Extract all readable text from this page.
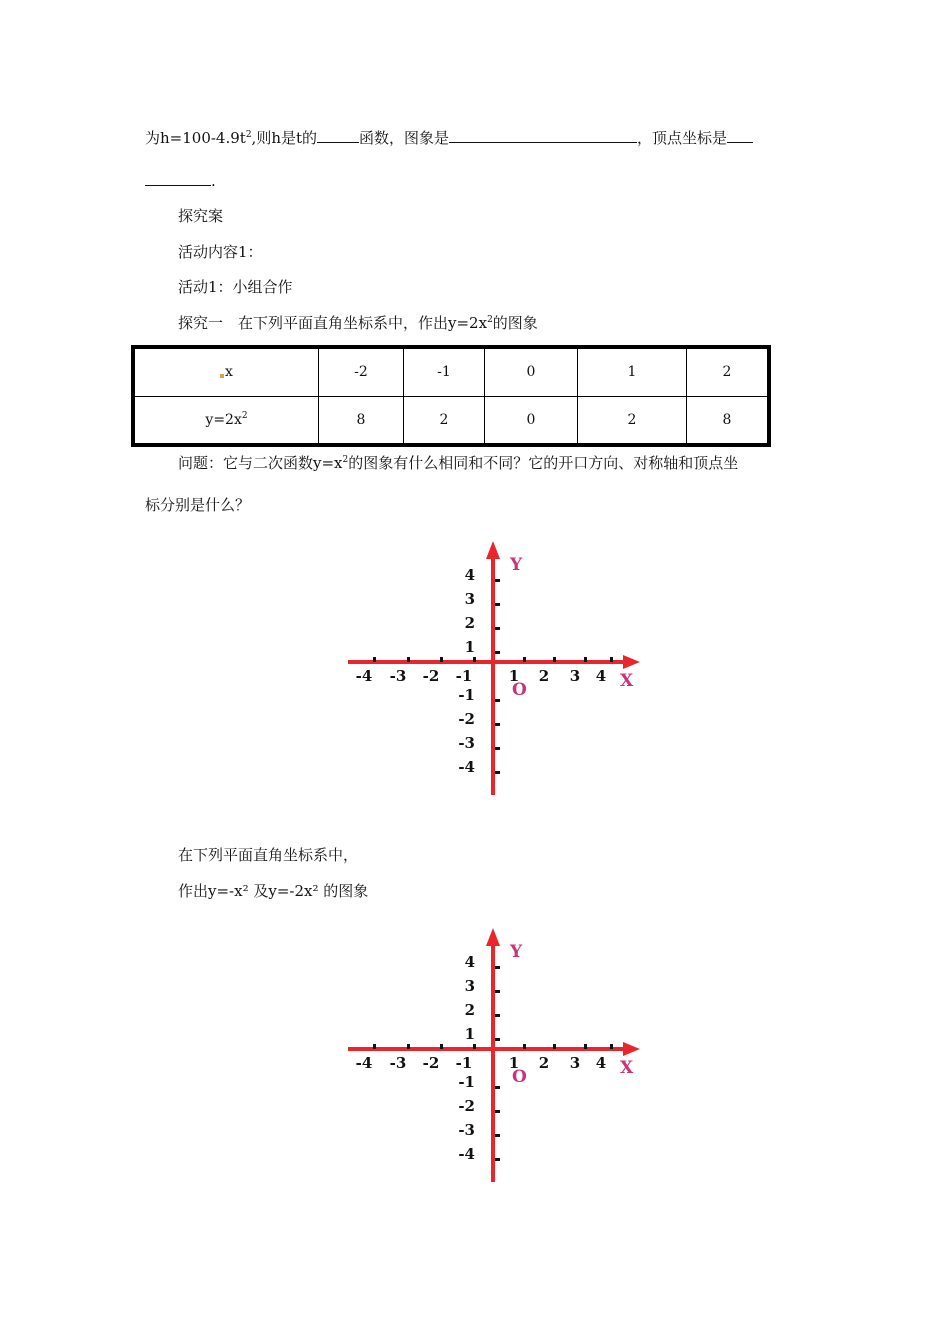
为$h=100-4.9t^2$,则h是t的	函数，图象是	，顶点坐标是
.
探究案
活动内容1：
活动1：小组合作
探究一　在下列平面直角坐标系中，作出$y=2x^2$的图象
x	-2	-1	0	1	2
$y=2x^2$	8	2	0	2	8
问题：它与二次函数$y=x^2$的图象有什么相同和不同？它的开口方向、对称轴和顶点坐
标分别是什么？
-4 -3 -2 -1 1 2 3 4
4
3
2
1
-1
-2
-3
-4
X
Y
O
在下列平面直角坐标系中，
作出y=-x² 及y=-2x² 的图象
-4 -3 -2 -1 1 2 3 4
4
3
2
1
-1
-2
-3
-4
X
Y
O
